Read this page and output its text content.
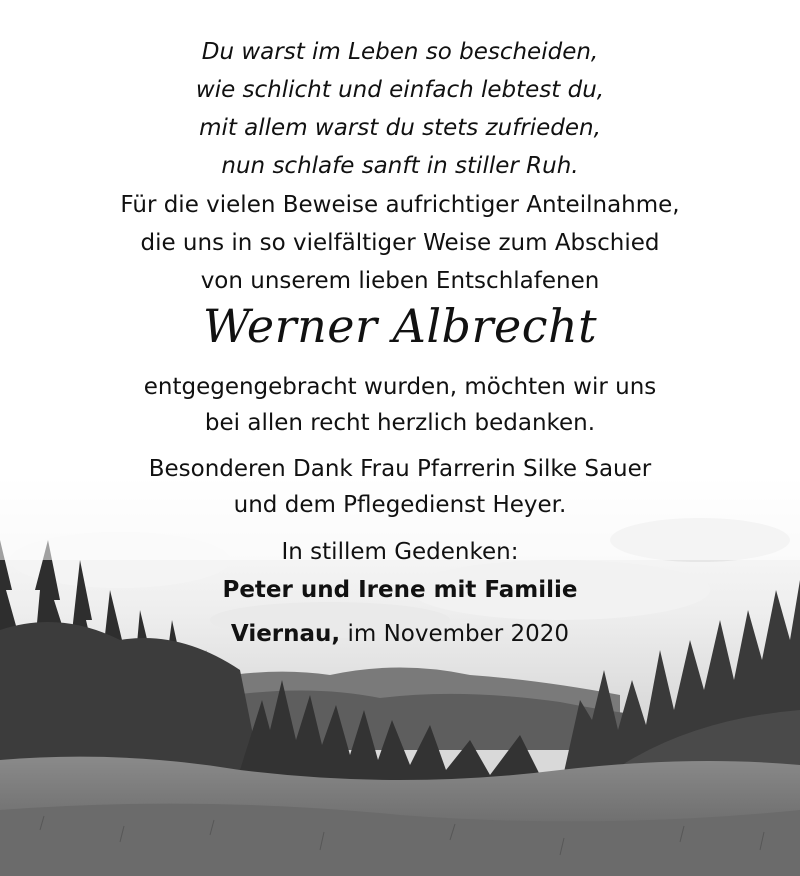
Du warst im Leben so bescheiden,
wie schlicht und einfach lebtest du,
mit allem warst du stets zufrieden,
nun schlafe sanft in stiller Ruh.
Für die vielen Beweise aufrichtiger Anteilnahme,
die uns in so vielfältiger Weise zum Abschied
von unserem lieben Entschlafenen
Werner Albrecht
entgegengebracht wurden, möchten wir uns
bei allen recht herzlich bedanken.
Besonderen Dank Frau Pfarrerin Silke Sauer
und dem Pflegedienst Heyer.
In stillem Gedenken:
Peter und Irene mit Familie
Viernau, im November 2020
